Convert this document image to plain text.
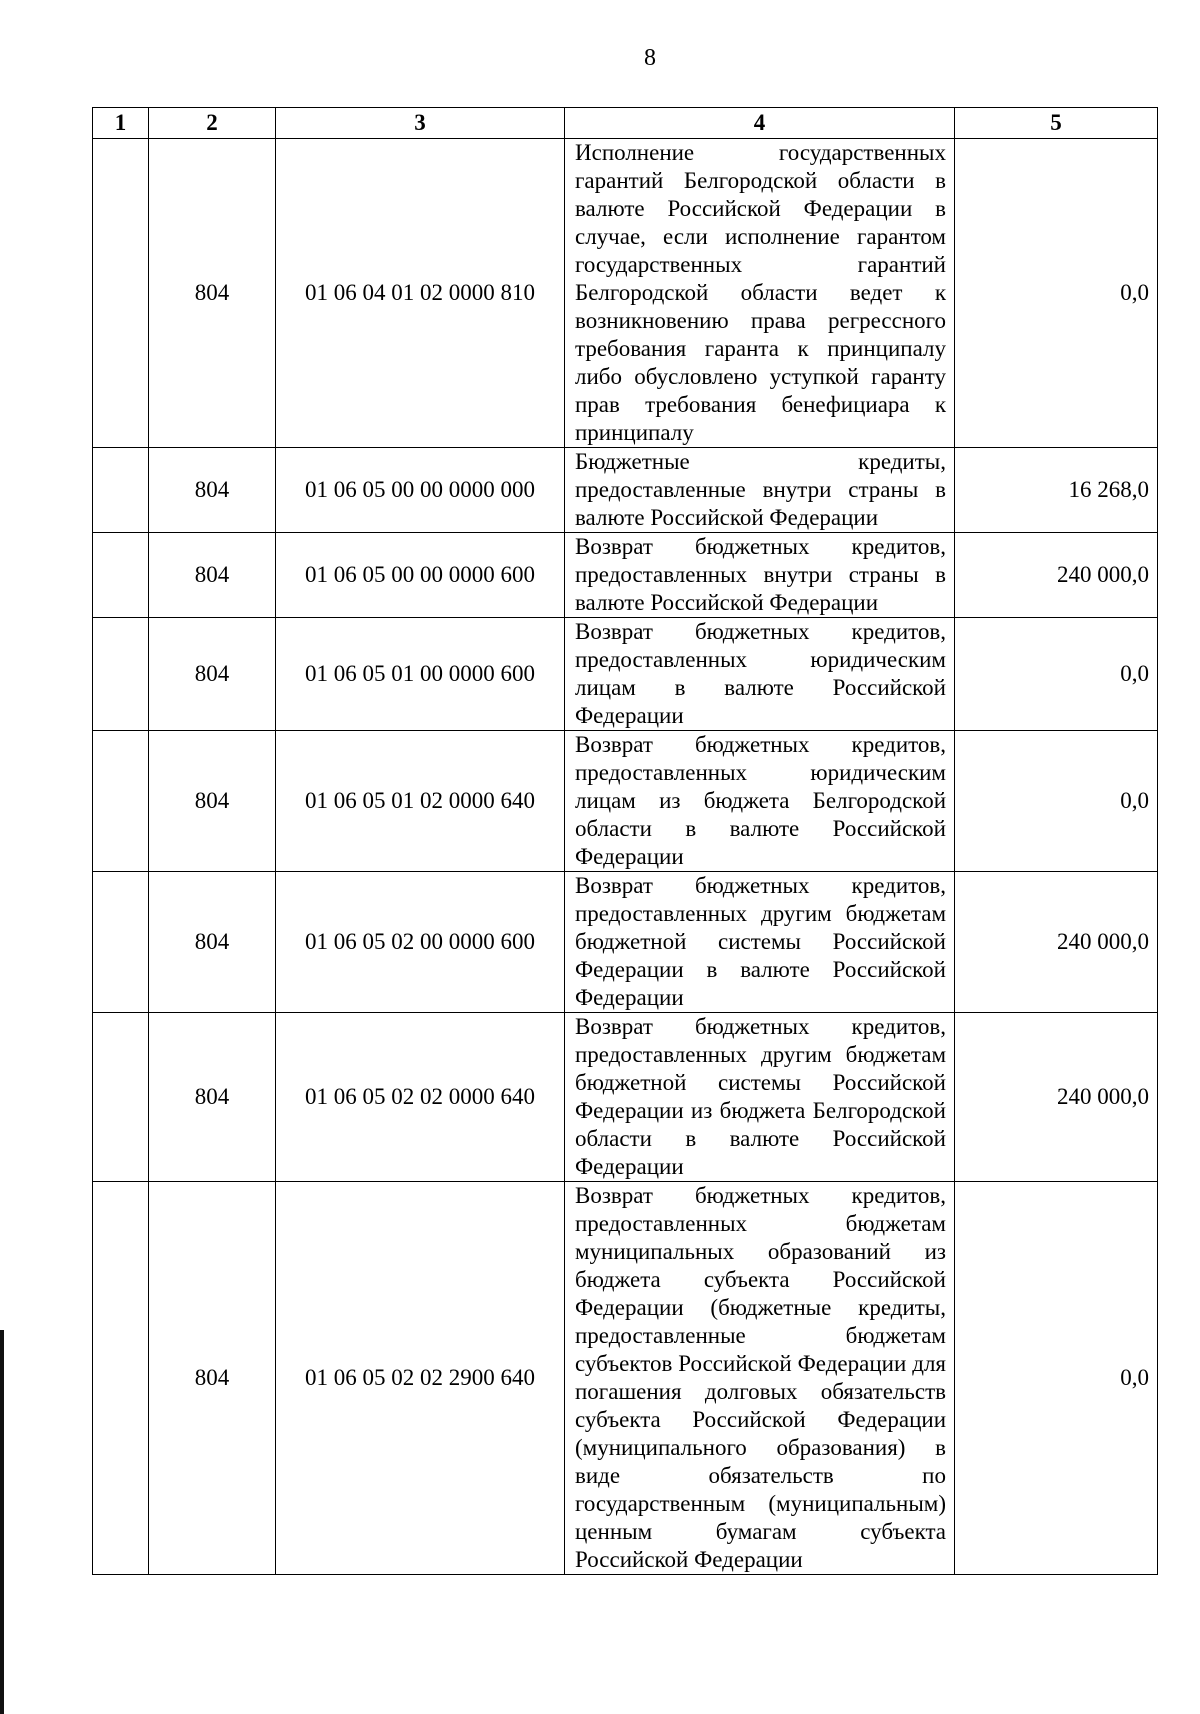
8
1	2	3	4	5
	804	01 06 04 01 02 0000 810	Исполнение государственных гарантий Белгородской области в валюте Российской Федерации в случае, если исполнение гарантом государственных гарантий Белгородской области ведет к возникновению права регрессного требования гаранта к принципалу либо обусловлено уступкой гаранту прав требования бенефициара к принципалу	0,0
	804	01 06 05 00 00 0000 000	Бюджетные кредиты, предоставленные внутри страны в валюте Российской Федерации	16 268,0
	804	01 06 05 00 00 0000 600	Возврат бюджетных кредитов, предоставленных внутри страны в валюте Российской Федерации	240 000,0
	804	01 06 05 01 00 0000 600	Возврат бюджетных кредитов, предоставленных юридическим лицам в валюте Российской Федерации	0,0
	804	01 06 05 01 02 0000 640	Возврат бюджетных кредитов, предоставленных юридическим лицам из бюджета Белгородской области в валюте Российской Федерации	0,0
	804	01 06 05 02 00 0000 600	Возврат бюджетных кредитов, предоставленных другим бюджетам бюджетной системы Российской Федерации в валюте Российской Федерации	240 000,0
	804	01 06 05 02 02 0000 640	Возврат бюджетных кредитов, предоставленных другим бюджетам бюджетной системы Российской Федерации из бюджета Белгородской области в валюте Российской Федерации	240 000,0
	804	01 06 05 02 02 2900 640	Возврат бюджетных кредитов, предоставленных бюджетам муниципальных образований из бюджета субъекта Российской Федерации (бюджетные кредиты, предоставленные бюджетам субъектов Российской Федерации для погашения долговых обязательств субъекта Российской Федерации (муниципального образования) в виде обязательств по государственным (муниципальным) ценным бумагам субъекта Российской Федерации	0,0
